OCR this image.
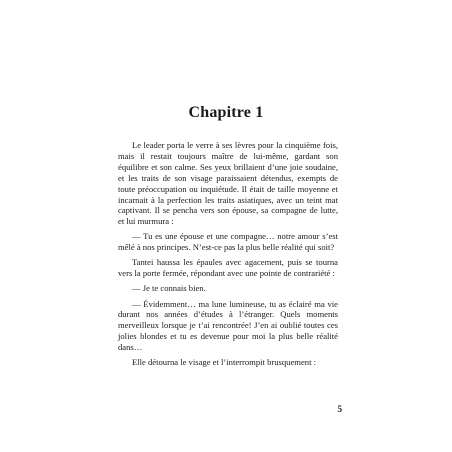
Chapitre 1

Le leader porta le verre à ses lèvres pour la cinquième fois, mais il restait toujours maître de lui-même, gardant son équilibre et son calme. Ses yeux brillaient d’une joie soudaine, et les traits de son visage paraissaient détendus, exempts de toute préoccupation ou inquiétude. Il était de taille moyenne et incarnait à la perfection les traits asiatiques, avec un teint mat captivant. Il se pencha vers son épouse, sa compagne de lutte, et lui murmura :

— Tu es une épouse et une compagne… notre amour s’est mêlé à nos principes. N’est-ce pas la plus belle réalité qui soit?

Tantei haussa les épaules avec agacement, puis se tourna vers la porte fermée, répondant avec une pointe de contrariété :

— Je te connais bien.

— Évidemment… ma lune lumineuse, tu as éclairé ma vie durant nos années d’études à l’étranger. Quels moments merveilleux lorsque je t’ai rencontrée! J’en ai oublié toutes ces jolies blondes et tu es devenue pour moi la plus belle réalité dans…

Elle détourna le visage et l’interrompit brusquement :

5
